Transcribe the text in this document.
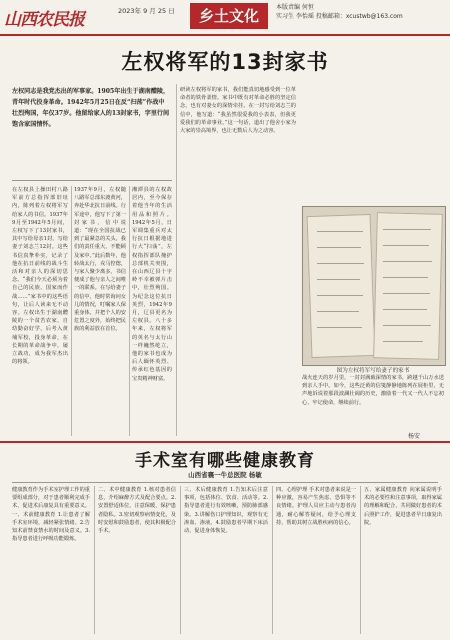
山西农民报	2023年 9 月 25 日	乡土文化	本版责编 何恒
实习生 李怡瑶 投稿邮箱：xcustwb@163.com
左权将军的13封家书
左权同志是我党杰出的军事家。1905年出生于湖南醴陵，青年时代投身革命。1942年5月25日在反“扫荡”作战中壮烈殉国，年仅37岁。他留给家人的13封家书，字里行间饱含家国情怀。
在左权县上操田村八路军前方总指挥部旧址内，陈列着左权将军写给家人的书信。1937年9月至1942年5月间，左权写下了13封家书，其中写给母亲1封、写给妻子刘志兰12封。这些书信真挚朴实，记录了他在抗日前线的战斗生活和对亲人的深切思念。“我们今天必须为着自己的民族、国家而作战……”家书中的这些语句，让后人读来无不动容。左权出生于湖南醴陵的一个贫苦农家，自幼勤奋好学，后考入黄埔军校，投身革命，在长期的革命战争中，屡立战功，成为我军杰出的将领。
1937年9月，左权随八路军总部东渡黄河，奔赴华北抗日前线。行军途中，他写下了第一封家书，信中说道：“现在全国抗战已到了最紧急的关头，我们的责任重大，不能顾及家中。”此后数年，他转战太行，戎马倥偬，与家人聚少离多，书信便成了他与亲人之间唯一的联系。在写给妻子的信中，他时常询问女儿的情况，叮嘱家人保重身体，并把个人的安危置之度外，始终把民族的利益放在首位。
湘潭县的左权故居内，至今保存着他当年的生活用品和照片。1942年5月，日军调集重兵对太行抗日根据地进行大“扫荡”，左权指挥部队掩护总部机关突围，在山西辽县十字岭不幸被弹片击中，壮烈殉国。为纪念这位抗日英烈，1942年9月，辽县更名为左权县。八十多年来，左权将军的英名与太行山一样巍然屹立，他的家书也成为后人缅怀英烈、传承红色基因的宝贵精神财富。
研读左权将军的家书，我们能真切地感受到一位革命者的铁骨柔情。家书中既有对革命必胜的坚定信念，也有对妻女的深情牵挂。在一封写给刘志兰的信中，他写道：“我虽然很爱我的小表表，但我更爱我们的革命事业。”这一句话，道出了他舍小家为大家的崇高境界，也让无数后人为之动容。
图为左权将军写给妻子的家书
战火连天的岁月里，一封封满载深情的家书，跨越千山万水送到亲人手中。如今，这些泛黄的信笺静静地陈列在展柜里，无声地诉说着那段波澜壮阔的历史，激励着一代又一代人不忘初心、牢记使命，继续前行。
杨安
手术室有哪些健康教育
山西省襄一牛总医院 杨敏
健康教育作为手术室护理工作的重要组成部分，对于患者顺利完成手术、促进术后康复具有重要意义。一、术前健康教育 1.让患者了解手术室环境，减轻紧张情绪。2.告知术前禁食禁水的时间及意义。3.指导患者进行呼吸功能锻炼。
二、术中健康教育 1.核对患者信息，介绍麻醉方式及配合要点。2.安置舒适体位，注意保暖，保护患者隐私。3.密切观察病情变化，及时安慰和鼓励患者，使其积极配合手术。
三、术后健康教育 1.告知术后注意事项，包括体位、饮食、活动等。2.指导患者进行有效咳嗽，预防肺部感染。3.讲解伤口护理知识，观察有无渗血、渗液。4.鼓励患者早期下床活动，促进身体恢复。
四、心理护理 手术对患者来说是一种应激，容易产生焦虑、恐惧等不良情绪。护理人员应主动与患者沟通，耐心解答疑问，给予心理支持，帮助其树立战胜疾病的信心。
五、家属健康教育 向家属说明手术的必要性和注意事项，取得家属的理解和配合，共同做好患者的术后照护工作，促进患者早日康复出院。
